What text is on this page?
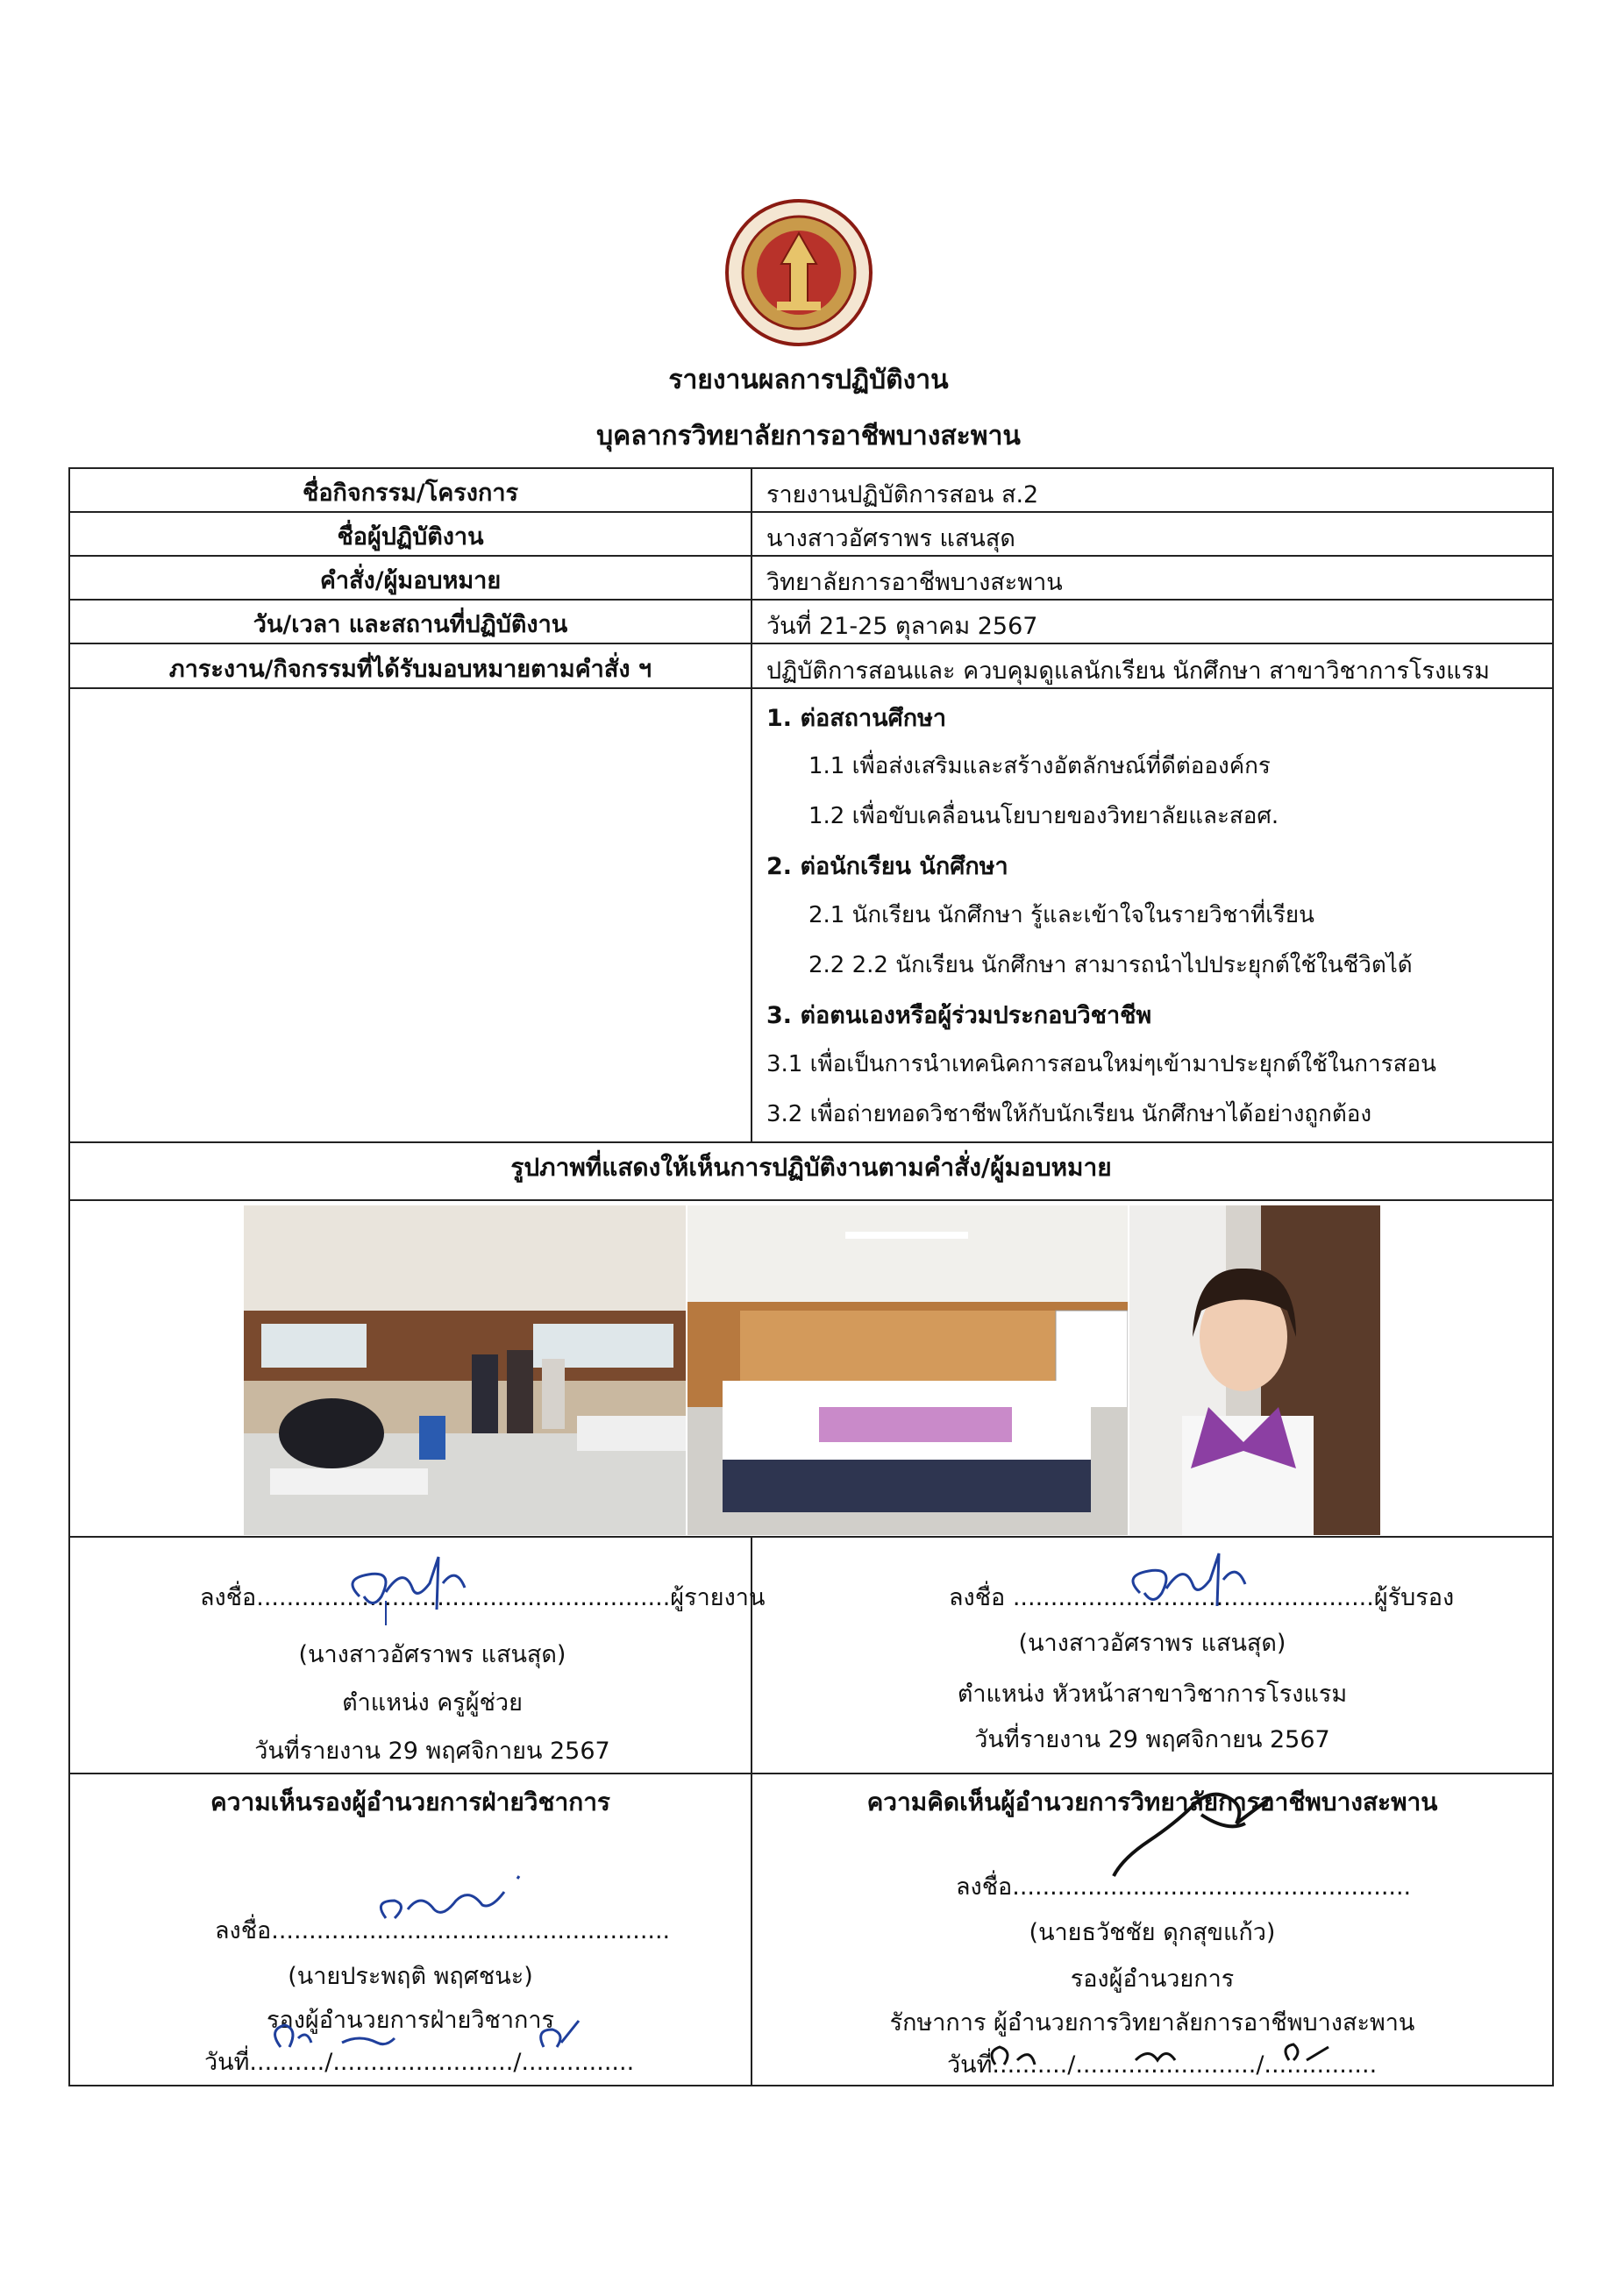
รายงานผลการปฏิบัติงาน
บุคลากรวิทยาลัยการอาชีพบางสะพาน
ชื่อกิจกรรม/โครงการ	รายงานปฏิบัติการสอน ส.2
ชื่อผู้ปฏิบัติงาน	นางสาวอัศราพร แสนสุด
คำสั่ง/ผู้มอบหมาย	วิทยาลัยการอาชีพบางสะพาน
วัน/เวลา และสถานที่ปฏิบัติงาน	วันที่ 21-25 ตุลาคม 2567
ภาระงาน/กิจกรรมที่ได้รับมอบหมายตามคำสั่ง ฯ	ปฏิบัติการสอนและ ควบคุมดูแลนักเรียน นักศึกษา สาขาวิชาการโรงแรม
1. ต่อสถานศึกษา
1.1 เพื่อส่งเสริมและสร้างอัตลักษณ์ที่ดีต่อองค์กร
1.2 เพื่อขับเคลื่อนนโยบายของวิทยาลัยและสอศ.
2. ต่อนักเรียน นักศึกษา
2.1 นักเรียน นักศึกษา รู้และเข้าใจในรายวิชาที่เรียน
2.2 2.2 นักเรียน นักศึกษา สามารถนำไปประยุกต์ใช้ในชีวิตได้
3. ต่อตนเองหรือผู้ร่วมประกอบวิชาชีพ
3.1 เพื่อเป็นการนำเทคนิคการสอนใหม่ๆเข้ามาประยุกต์ใช้ในการสอน
3.2 เพื่อถ่ายทอดวิชาชีพให้กับนักเรียน นักศึกษาได้อย่างถูกต้อง
รูปภาพที่แสดงให้เห็นการปฏิบัติงานตามคำสั่ง/ผู้มอบหมาย
ลงชื่อ.......................................................ผู้รายงาน
(นางสาวอัศราพร แสนสุด)
ตำแหน่ง ครูผู้ช่วย
วันที่รายงาน 29 พฤศจิกายน 2567
ลงชื่อ ................................................ผู้รับรอง
(นางสาวอัศราพร แสนสุด)
ตำแหน่ง หัวหน้าสาขาวิชาการโรงแรม
วันที่รายงาน 29 พฤศจิกายน 2567
ความเห็นรองผู้อำนวยการฝ่ายวิชาการ
ลงชื่อ.....................................................
(นายประพฤติ พฤศชนะ)
รองผู้อำนวยการฝ่ายวิชาการ
วันที่........../......................../...............
ความคิดเห็นผู้อำนวยการวิทยาลัยการอาชีพบางสะพาน
ลงชื่อ.....................................................
(นายธวัชชัย ดุกสุขแก้ว)
รองผู้อำนวยการ
รักษาการ ผู้อำนวยการวิทยาลัยการอาชีพบางสะพาน
วันที่........../......................../...............
